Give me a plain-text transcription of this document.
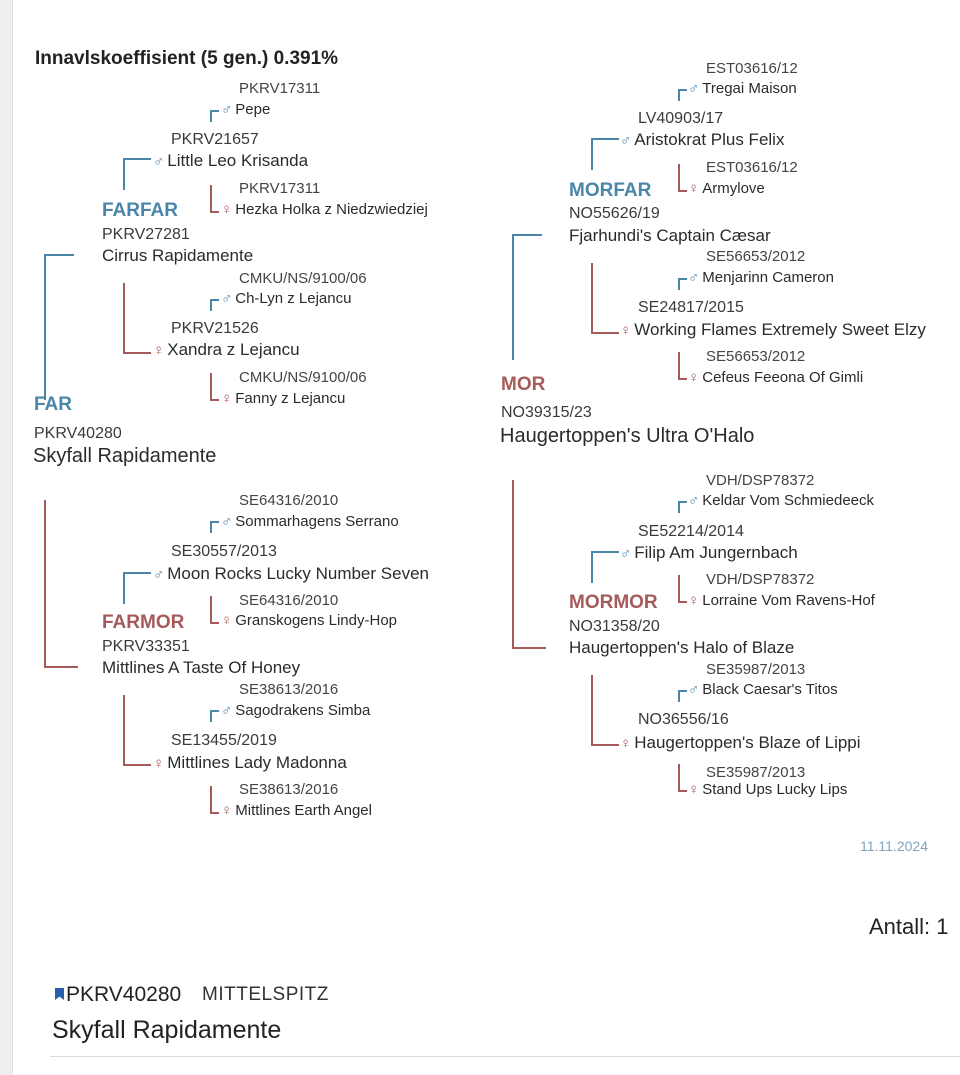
Innavlskoeffisient (5 gen.) 0.391%
FAR
PKRV40280
Skyfall Rapidamente
FARFAR
PKRV27281
Cirrus Rapidamente
PKRV21657
♂ Little Leo Krisanda
PKRV21526
♀ Xandra z Lejancu
PKRV17311
♂ Pepe
PKRV17311
♀ Hezka Holka z Niedzwiedziej
CMKU/NS/9100/06
♂ Ch-Lyn z Lejancu
CMKU/NS/9100/06
♀ Fanny z Lejancu
FARMOR
PKRV33351
Mittlines A Taste Of Honey
SE30557/2013
♂ Moon Rocks Lucky Number Seven
SE13455/2019
♀ Mittlines Lady Madonna
SE64316/2010
♂ Sommarhagens Serrano
SE64316/2010
♀ Granskogens Lindy-Hop
SE38613/2016
♂ Sagodrakens Simba
SE38613/2016
♀ Mittlines Earth Angel
MOR
NO39315/23
Haugertoppen's Ultra O'Halo
MORFAR
NO55626/19
Fjarhundi's Captain Cæsar
LV40903/17
♂ Aristokrat Plus Felix
SE24817/2015
♀ Working Flames Extremely Sweet Elzy
EST03616/12
♂ Tregai Maison
EST03616/12
♀ Armylove
SE56653/2012
♂ Menjarinn Cameron
SE56653/2012
♀ Cefeus Feeona Of Gimli
MORMOR
NO31358/20
Haugertoppen's Halo of Blaze
SE52214/2014
♂ Filip Am Jungernbach
NO36556/16
♀ Haugertoppen's Blaze of Lippi
VDH/DSP78372
♂ Keldar Vom Schmiedeeck
VDH/DSP78372
♀ Lorraine Vom Ravens-Hof
SE35987/2013
♂ Black Caesar's Titos
SE35987/2013
♀ Stand Ups Lucky Lips
11.11.2024
Antall: 1
PKRV40280 MITTELSPITZ
Skyfall Rapidamente
